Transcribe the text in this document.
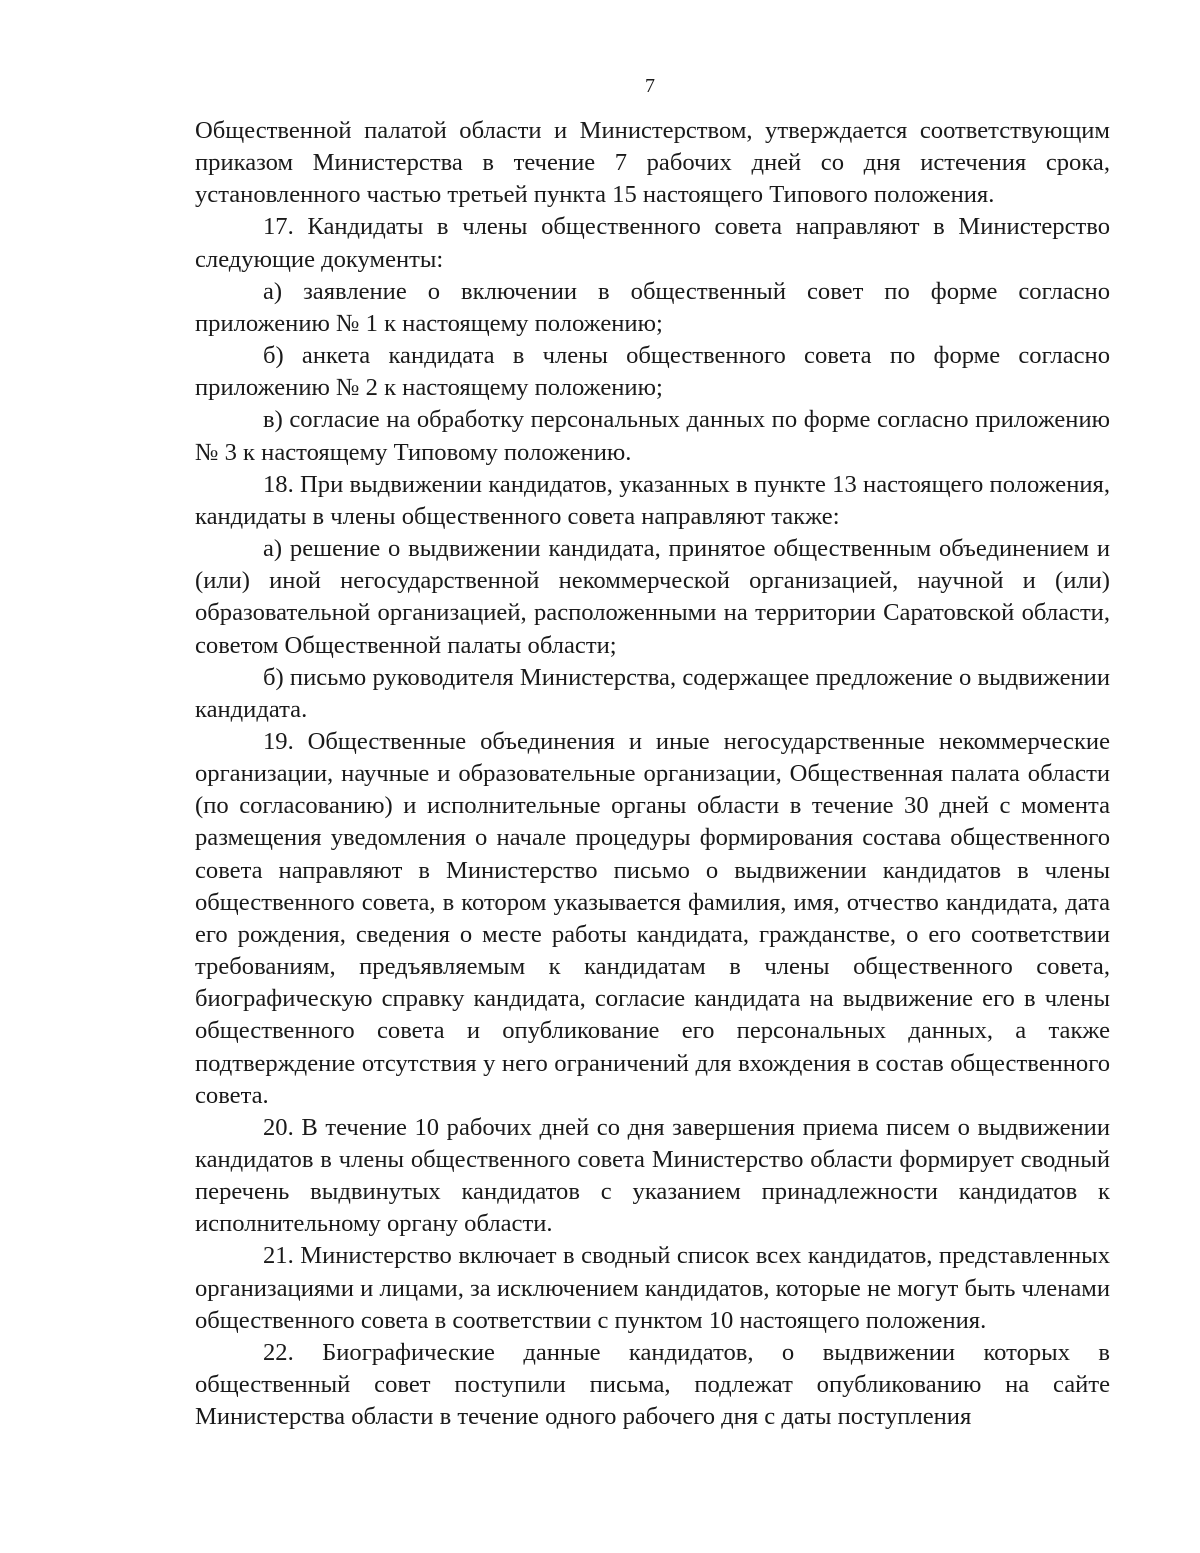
7

Общественной палатой области и Министерством, утверждается соответствующим приказом Министерства в течение 7 рабочих дней со дня истечения срока, установленного частью третьей пункта 15 настоящего Типового положения.

17. Кандидаты в члены общественного совета направляют в Министерство следующие документы:

а) заявление о включении в общественный совет по форме согласно приложению № 1 к настоящему положению;

б) анкета кандидата в члены общественного совета по форме согласно приложению № 2 к настоящему положению;

в) согласие на обработку персональных данных по форме согласно приложению № 3 к настоящему Типовому положению.

18. При выдвижении кандидатов, указанных в пункте 13 настоящего положения, кандидаты в члены общественного совета направляют также:

а) решение о выдвижении кандидата, принятое общественным объединением и (или) иной негосударственной некоммерческой организацией, научной и (или) образовательной организацией, расположенными на территории Саратовской области, советом Общественной палаты области;

б) письмо руководителя Министерства, содержащее предложение о выдвижении кандидата.

19. Общественные объединения и иные негосударственные некоммерческие организации, научные и образовательные организации, Общественная палата области (по согласованию) и исполнительные органы области в течение 30 дней с момента размещения уведомления о начале процедуры формирования состава общественного совета направляют в Министерство письмо о выдвижении кандидатов в члены общественного совета, в котором указывается фамилия, имя, отчество кандидата, дата его рождения, сведения о месте работы кандидата, гражданстве, о его соответствии требованиям, предъявляемым к кандидатам в члены общественного совета, биографическую справку кандидата, согласие кандидата на выдвижение его в члены общественного совета и опубликование его персональных данных, а также подтверждение отсутствия у него ограничений для вхождения в состав общественного совета.

20. В течение 10 рабочих дней со дня завершения приема писем о выдвижении кандидатов в члены общественного совета Министерство области формирует сводный перечень выдвинутых кандидатов с указанием принадлежности кандидатов к исполнительному органу области.

21. Министерство включает в сводный список всех кандидатов, представленных организациями и лицами, за исключением кандидатов, которые не могут быть членами общественного совета в соответствии с пунктом 10 настоящего положения.

22. Биографические данные кандидатов, о выдвижении которых в общественный совет поступили письма, подлежат опубликованию на сайте Министерства области в течение одного рабочего дня с даты поступления
